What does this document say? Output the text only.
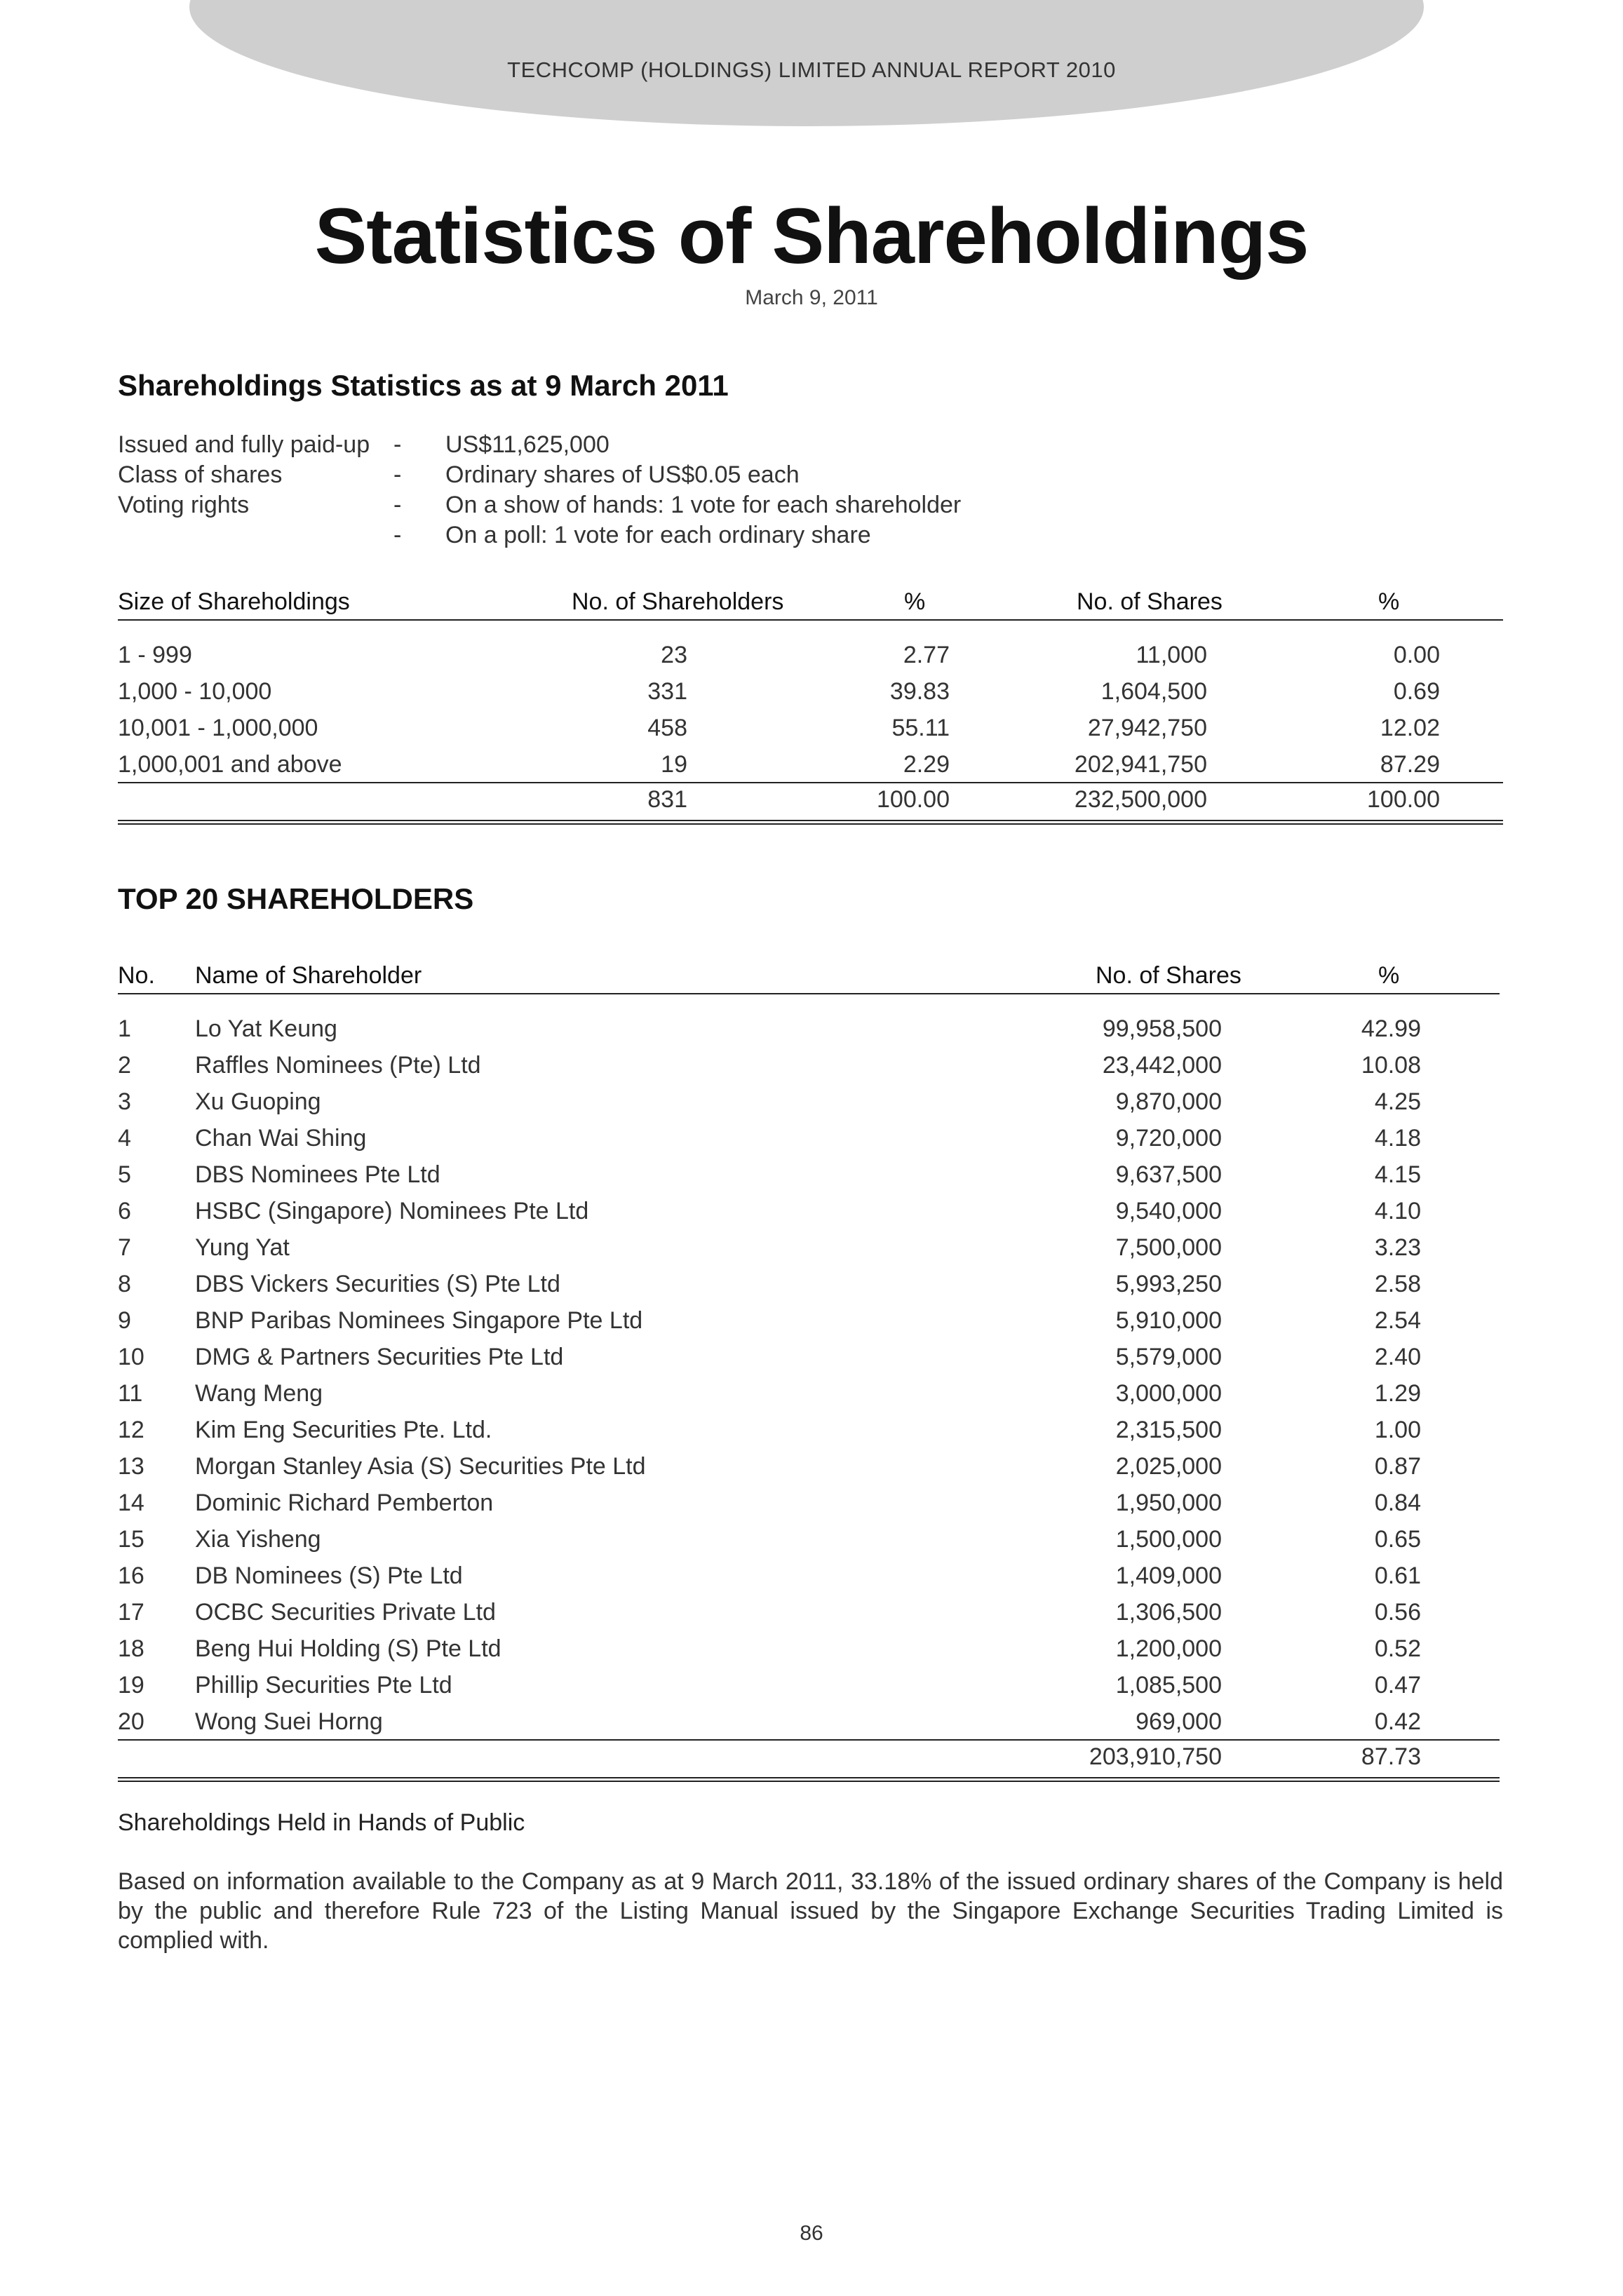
TECHCOMP (HOLDINGS) LIMITED ANNUAL REPORT 2010
Statistics of Shareholdings
March 9, 2011
Shareholdings Statistics as at 9 March 2011
Issued and fully paid-up - US$11,625,000
Class of shares	- Ordinary shares of US$0.05 each
Voting rights	- On a show of hands: 1 vote for each shareholder
- On a poll: 1 vote for each ordinary share
Size of Shareholdings	No. of Shareholders	%	No. of Shares	%
1 - 999	23	2.77	11,000	0.00
1,000 - 10,000	331	39.83	1,604,500	0.69
10,001 - 1,000,000	458	55.11	27,942,750	12.02
1,000,001 and above	19	2.29	202,941,750	87.29
831	100.00	232,500,000	100.00
TOP 20 SHAREHOLDERS
No. Name of Shareholder	No. of Shares	%
1	Lo Yat Keung	99,958,500	42.99
2	Raffles Nominees (Pte) Ltd	23,442,000	10.08
3	Xu Guoping	9,870,000	4.25
4	Chan Wai Shing	9,720,000	4.18
5	DBS Nominees Pte Ltd	9,637,500	4.15
6	HSBC (Singapore) Nominees Pte Ltd	9,540,000	4.10
7	Yung Yat	7,500,000	3.23
8	DBS Vickers Securities (S) Pte Ltd	5,993,250	2.58
9	BNP Paribas Nominees Singapore Pte Ltd	5,910,000	2.54
10 DMG & Partners Securities Pte Ltd	5,579,000	2.40
11 Wang Meng	3,000,000	1.29
12 Kim Eng Securities Pte. Ltd.	2,315,500	1.00
13 Morgan Stanley Asia (S) Securities Pte Ltd	2,025,000	0.87
14 Dominic Richard Pemberton	1,950,000	0.84
15 Xia Yisheng	1,500,000	0.65
16 DB Nominees (S) Pte Ltd	1,409,000	0.61
17 OCBC Securities Private Ltd	1,306,500	0.56
18 Beng Hui Holding (S) Pte Ltd	1,200,000	0.52
19 Phillip Securities Pte Ltd	1,085,500	0.47
20 Wong Suei Horng	969,000	0.42
203,910,750	87.73
Shareholdings Held in Hands of Public
Based on information available to the Company as at 9 March 2011, 33.18% of the issued ordinary shares of the Company is held by the public and therefore Rule 723 of the Listing Manual issued by the Singapore Exchange Securities Trading Limited is complied with.
86
